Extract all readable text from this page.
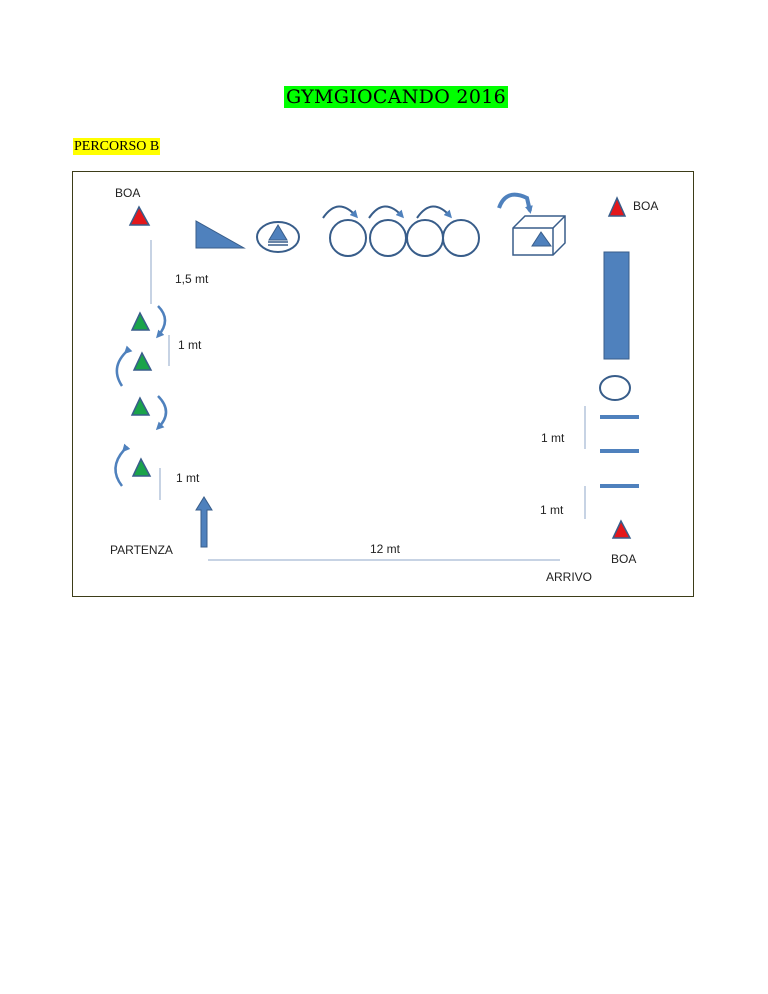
GYMGIOCANDO 2016
PERCORSO B
BOA
1,5 mt
1 mt
1 mt
PARTENZA	12 mt
ARRIVO
BOA
1 mt
1 mt
BOA
